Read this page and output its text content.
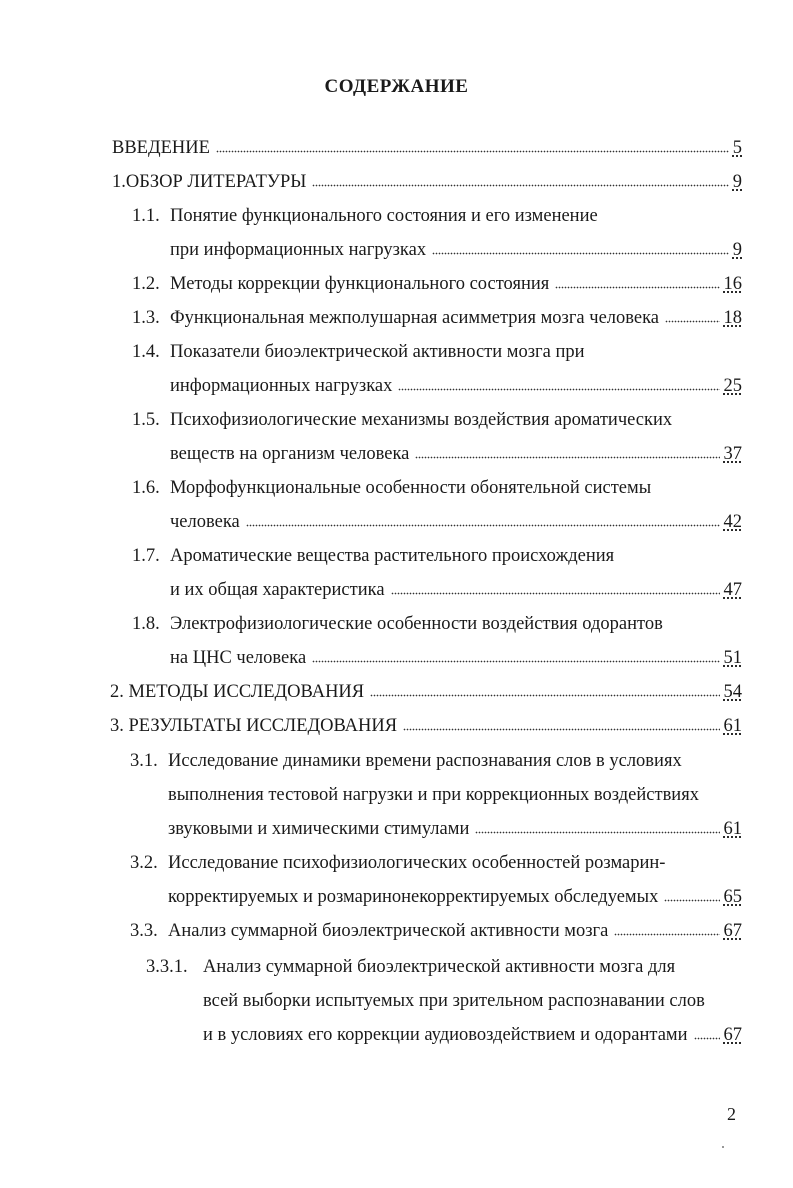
СОДЕРЖАНИЕ
ВВЕДЕНИЕ	5
1.ОБЗОР ЛИТЕРАТУРЫ	9
1.1. Понятие функционального состояния и его изменение
при информационных нагрузках	9
1.2. Методы коррекции функционального состояния	16
1.3. Функциональная межполушарная асимметрия мозга человека	18
1.4. Показатели биоэлектрической активности мозга при
информационных нагрузках	25
1.5. Психофизиологические механизмы воздействия ароматических
веществ на организм человека	37
1.6. Морфофункциональные особенности обонятельной системы
человека	42
1.7. Ароматические вещества растительного происхождения
и их общая характеристика	47
1.8. Электрофизиологические особенности воздействия одорантов
на ЦНС человека	51
2. МЕТОДЫ ИССЛЕДОВАНИЯ	54
3. РЕЗУЛЬТАТЫ ИССЛЕДОВАНИЯ	61
3.1. Исследование динамики времени распознавания слов в условиях
выполнения тестовой нагрузки и при коррекционных воздействиях
звуковыми и химическими стимулами	61
3.2. Исследование психофизиологических особенностей розмарин-
корректируемых и розмаринонекорректируемых обследуемых	65
3.3. Анализ суммарной биоэлектрической активности мозга	67
3.3.1. Анализ суммарной биоэлектрической активности мозга для
всей выборки испытуемых при зрительном распознавании слов
и в условиях его коррекции аудиовоздействием и одорантами 67
2
